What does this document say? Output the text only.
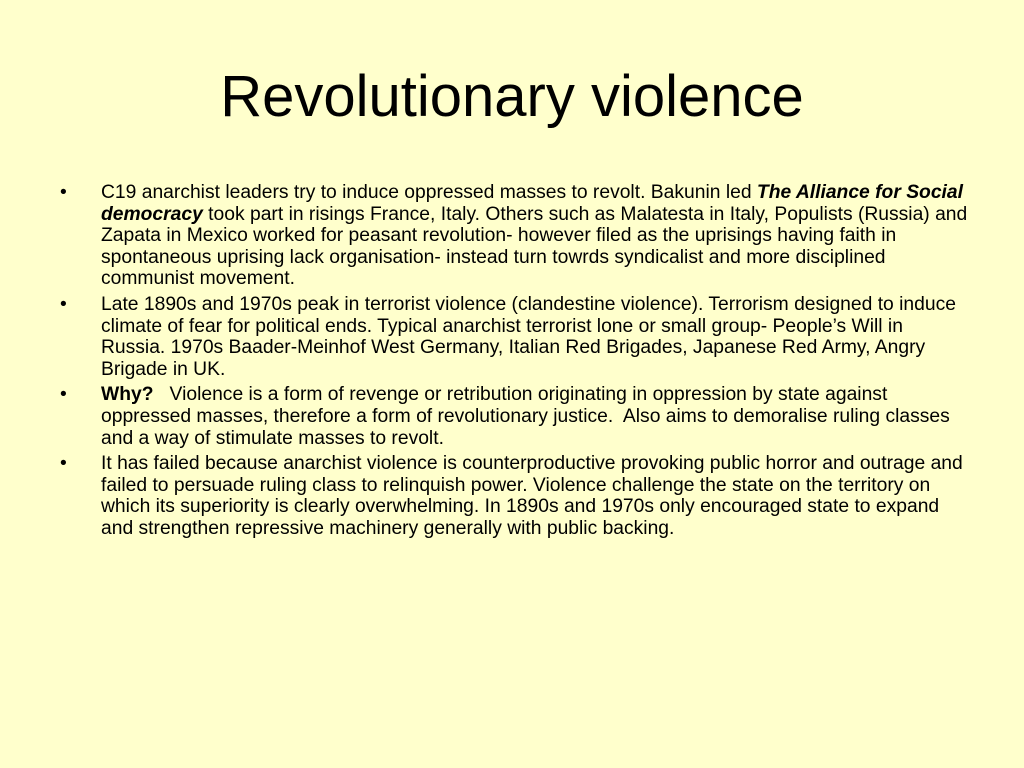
Revolutionary violence
• C19 anarchist leaders try to induce oppressed masses to revolt. Bakunin led The Alliance for Social democracy took part in risings France, Italy. Others such as Malatesta in Italy, Populists (Russia) and Zapata in Mexico worked for peasant revolution- however filed as the uprisings having faith in spontaneous uprising lack organisation- instead turn towrds syndicalist and more disciplined communist movement.
• Late 1890s and 1970s peak in terrorist violence (clandestine violence). Terrorism designed to induce climate of fear for political ends. Typical anarchist terrorist lone or small group- People’s Will in Russia. 1970s Baader-Meinhof West Germany, Italian Red Brigades, Japanese Red Army, Angry Brigade in UK.
• Why?   Violence is a form of revenge or retribution originating in oppression by state against oppressed masses, therefore a form of revolutionary justice.  Also aims to demoralise ruling classes and a way of stimulate masses to revolt.
• It has failed because anarchist violence is counterproductive provoking public horror and outrage and failed to persuade ruling class to relinquish power. Violence challenge the state on the territory on which its superiority is clearly overwhelming. In 1890s and 1970s only encouraged state to expand and strengthen repressive machinery generally with public backing.
